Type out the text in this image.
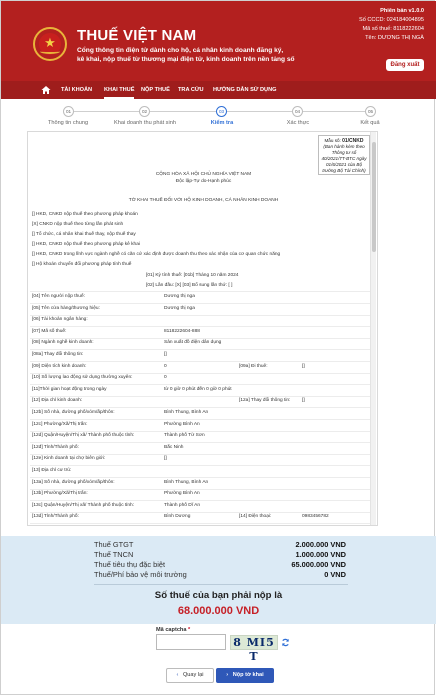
★	THUẾ VIỆT NAM
Cổng thông tin điện tử dành cho hộ, cá nhân kinh doanh đăng ký,
kê khai, nộp thuế từ thương mại điện tử, kinh doanh trên nền tảng số
Phiên bản v1.0.0
Số CCCD: 024184004895
Mã số thuế: 8118222604
Tên: DƯƠNG THỊ NGÀ
Đăng xuất
TÀI KHOẢN KHAI THUẾ NỘP THUẾ TRA CỨU HƯỚNG DẪN SỬ DỤNG
01	02	03	04	05
Thông tin chung	Khai doanh thu phát sinh	Kiểm tra	Xác thực	Kết quả
Mẫu số: 01/CNKD
(Ban hành kèm theo Thông tư số 40/2021/TT-BTC ngày 01/6/2021 của Bộ trưởng Bộ Tài Chính)
CỘNG HÒA XÃ HỘI CHỦ NGHĨA VIỆT NAM
Độc lập-Tự do-Hạnh phúc
TỜ KHAI THUẾ ĐỐI VỚI HỘ KINH DOANH, CÁ NHÂN KINH DOANH
[] HKD, CNKD nộp thuế theo phương pháp khoán
[X] CNKD nộp thuế theo từng lần phát sinh
[] Tổ chức, cá nhân khai thuế thay, nộp thuế thay
[] HKD, CNKD nộp thuế theo phương pháp kê khai
[] HKD, CNKD trong lĩnh vực ngành nghề có căn cứ xác định được doanh thu theo xác nhận của cơ quan chức năng
[] Hộ khoán chuyển đổi phương pháp tính thuế
[01] Kỳ tính thuế: [01b] Tháng 10 năm 2024
[02] Lần đầu: [X] [03] Bổ sung lần thứ: [ ]
[04] Tên người nộp thuế:	Dương thị nga
[05] Tên cửa hàng/thương hiệu:	Dương thị nga
[06] Tài khoản ngân hàng:
[07] Mã số thuế:	8118222604-888
[08] Ngành nghề kinh doanh:	Sản xuất đồ điện dân dụng
[08a] Thay đổi thông tin:	[]
[09] Diện tích kinh doanh:	0	[09a] Đi thuê:	[]
[10] Số lượng lao động sử dụng thường xuyên:	0
[11]Thời gian hoạt động trong ngày	từ 0 giờ 0 phút đến 0 giờ 0 phút
[12] Địa chỉ kinh doanh:	[12a] Thay đổi thông tin: []
[12b] Số nhà, đường phố/xóm/ấp/thôn:	Bình Thung, Bình An
[12c] Phường/Xã/Thị trấn:	Phường Bình An
[12d] Quận/Huyện/Thị xã/ Thành phố thuộc tỉnh:	Thành phố Từ Sơn
[12đ] Tỉnh/Thành phố:	Bắc Ninh
[12e] Kinh doanh tại chợ biên giới:	[]
[13] Địa chỉ cư trú:
[13a] Số nhà, đường phố/xóm/ấp/thôn:	Bình Thung, Bình An
[13b] Phường/Xã/Thị trấn:	Phường Bình An
[13c] Quận/Huyện/Thị xã/ Thành phố thuộc tỉnh:	Thành phố Dĩ An
[13d] Tỉnh/Thành phố:	Bình Dương	[14] Điện thoại:	0983456782
Thuế GTGT	2.000.000 VND
Thuế TNCN	1.000.000 VND
Thuế tiêu thụ đặc biệt	65.000.000 VND
Thuế/Phí bảo vệ môi trường	0 VND
Số thuế của bạn phải nộp là
68.000.000 VND
Mã captcha *
8 MI5 T
‹ Quay lại	› Nộp tờ khai
